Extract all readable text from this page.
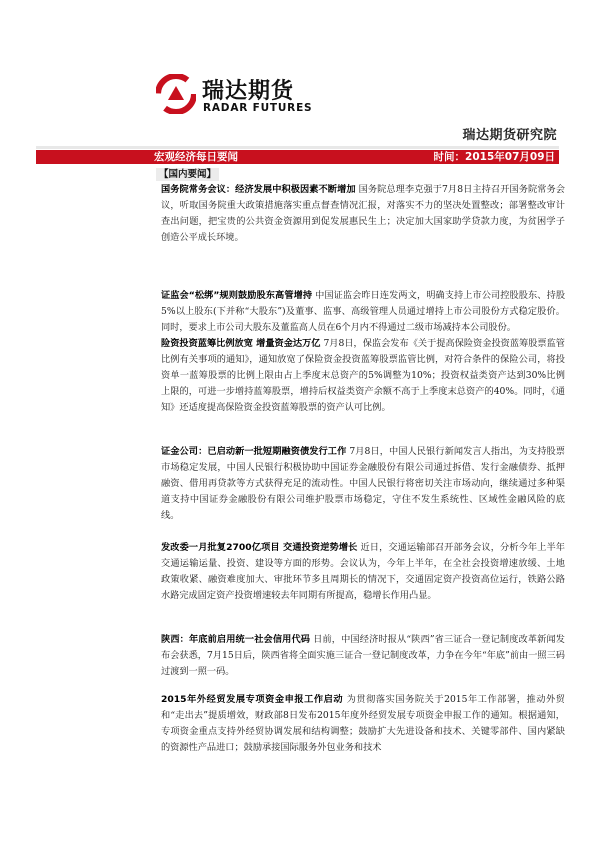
瑞达期货
RADAR FUTURES
瑞达期货研究院
宏观经济每日要闻	时间：2015年07月09日
【国内要闻】
国务院常务会议：经济发展中积极因素不断增加 国务院总理李克强于7月8日主持召开国务院常务会议，听取国务院重大政策措施落实重点督查情况汇报，对落实不力的坚决处置整改；部署整改审计查出问题，把宝贵的公共资金资源用到促发展惠民生上；决定加大国家助学贷款力度，为贫困学子创造公平成长环境。
证监会“松绑”规则鼓励股东高管增持 中国证监会昨日连发两文，明确支持上市公司控股股东、持股5%以上股东(下并称“大股东”)及董事、监事、高级管理人员通过增持上市公司股份方式稳定股价。同时，要求上市公司大股东及董监高人员在6个月内不得通过二级市场减持本公司股份。
险资投资蓝筹比例放宽 增量资金达万亿 7月8日，保监会发布《关于提高保险资金投资蓝筹股票监管比例有关事项的通知》，通知放宽了保险资金投资蓝筹股票监管比例，对符合条件的保险公司，将投资单一蓝筹股票的比例上限由占上季度末总资产的5%调整为10%；投资权益类资产达到30%比例上限的，可进一步增持蓝筹股票，增持后权益类资产余额不高于上季度末总资产的40%。同时，《通知》还适度提高保险资金投资蓝筹股票的资产认可比例。
证金公司：已启动新一批短期融资债发行工作 7月8日，中国人民银行新闻发言人指出，为支持股票市场稳定发展，中国人民银行积极协助中国证券金融股份有限公司通过拆借、发行金融债券、抵押融资、借用再贷款等方式获得充足的流动性。中国人民银行将密切关注市场动向，继续通过多种渠道支持中国证券金融股份有限公司维护股票市场稳定，守住不发生系统性、区域性金融风险的底线。
发改委一月批复2700亿项目 交通投资逆势增长 近日，交通运输部召开部务会议，分析今年上半年交通运输运量、投资、建设等方面的形势。会议认为，今年上半年，在全社会投资增速放缓、土地政策收紧、融资难度加大、审批环节多且周期长的情况下，交通固定资产投资高位运行，铁路公路水路完成固定资产投资增速较去年同期有所提高，稳增长作用凸显。
陕西：年底前启用统一社会信用代码 日前，中国经济时报从“陕西”省三证合一登记制度改革新闻发布会获悉，7月15日后，陕西省将全面实施三证合一登记制度改革，力争在今年“年底”前由一照三码过渡到一照一码。
2015年外经贸发展专项资金申报工作启动 为贯彻落实国务院关于2015年工作部署，推动外贸和“走出去”提质增效，财政部8日发布2015年度外经贸发展专项资金申报工作的通知。根据通知，专项资金重点支持外经贸协调发展和结构调整；鼓励扩大先进设备和技术、关键零部件、国内紧缺的资源性产品进口；鼓励承接国际服务外包业务和技术
